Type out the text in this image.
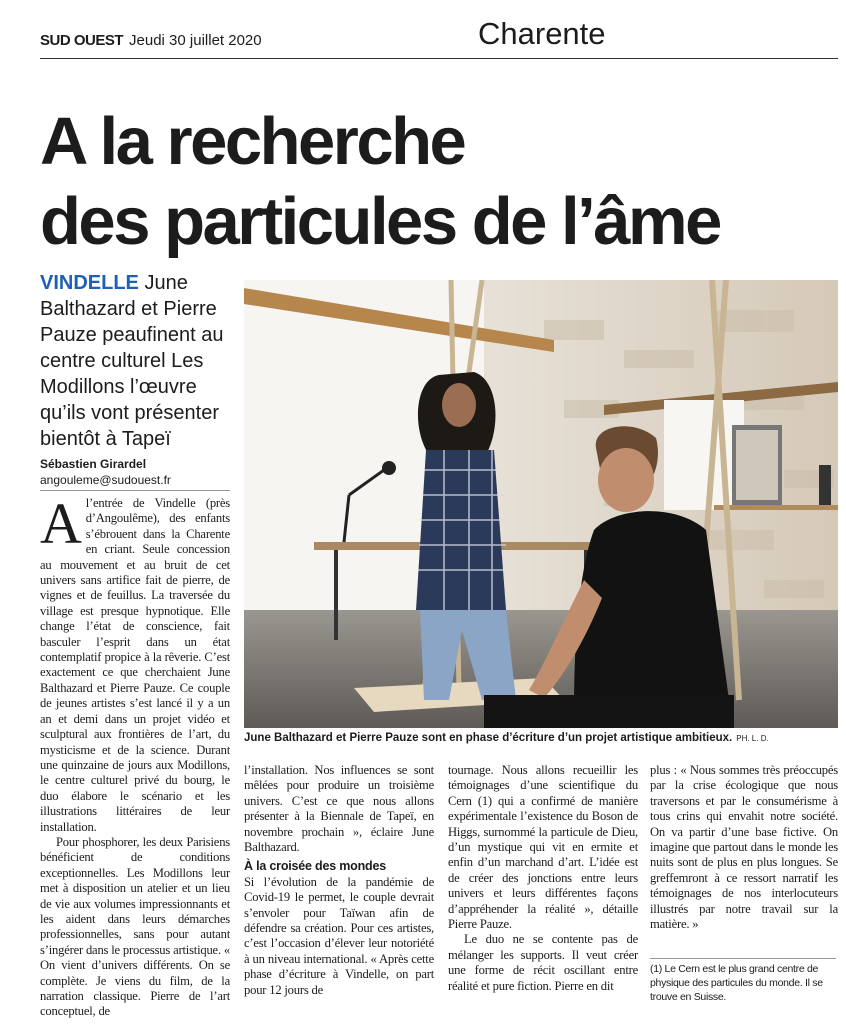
SUD OUEST Jeudi 30 juillet 2020	Charente
A la recherche
des particules de l’âme
VINDELLE June Balthazard et Pierre Pauze peaufinent au centre culturel Les Modillons l’œuvre qu’ils vont présenter bientôt à Tapeï
Sébastien Girardel
angouleme@sudouest.fr
June Balthazard et Pierre Pauze sont en phase d’écriture d’un projet artistique ambitieux. PH. L. D.

Al’entrée de Vindelle (près d’Angoulême), des enfants s’ébrouent dans la Charente en criant. Seule concession au mouvement et au bruit de cet univers sans artifice fait de pierre, de vignes et de feuillus. La traversée du village est presque hypnotique. Elle change l’état de conscience, fait basculer l’esprit dans un état contemplatif propice à la rêverie. C’est exactement ce que cherchaient June Balthazard et Pierre Pauze. Ce couple de jeunes artistes s’est lancé il y a un an et demi dans un projet vidéo et sculptural aux frontières de l’art, du mysticisme et de la science. Durant une quinzaine de jours aux Modillons, le centre culturel privé du bourg, le duo élabore le scénario et les illustrations littéraires de leur installation.

Pour phosphorer, les deux Parisiens bénéficient de conditions exceptionnelles. Les Modillons leur met à disposition un atelier et un lieu de vie aux volumes impressionnants et les aident dans leurs démarches professionnelles, sans pour autant s’ingérer dans le processus artistique. « On vient d’univers différents. On se complète. Je viens du film, de la narration classique. Pierre de l’art conceptuel, de

l’installation. Nos influences se sont mêlées pour produire un troisième univers. C’est ce que nous allons présenter à la Biennale de Tapeï, en novembre prochain », éclaire June Balthazard.

À la croisée des mondes

Si l’évolution de la pandémie de Covid-19 le permet, le couple devrait s’envoler pour Taïwan afin de défendre sa création. Pour ces artistes, c’est l’occasion d’élever leur notoriété à un niveau international. « Après cette phase d’écriture à Vindelle, on part pour 12 jours de

tournage. Nous allons recueillir les témoignages d’une scientifique du Cern (1) qui a confirmé de manière expérimentale l’existence du Boson de Higgs, surnommé la particule de Dieu, d’un mystique qui vit en ermite et enfin d’un marchand d’art. L’idée est de créer des jonctions entre leurs univers et leurs différentes façons d’appréhender la réalité », détaille Pierre Pauze.

Le duo ne se contente pas de mélanger les supports. Il veut créer une forme de récit oscillant entre réalité et pure fiction. Pierre en dit

plus : « Nous sommes très préoccupés par la crise écologique que nous traversons et par le consumérisme à tous crins qui envahit notre société. On va partir d’une base fictive. On imagine que partout dans le monde les nuits sont de plus en plus longues. Se greffemront à ce ressort narratif les témoignages de nos interlocuteurs illustrés par notre travail sur la matière. »

(1) Le Cern est le plus grand centre de physique des particules du monde. Il se trouve en Suisse.
